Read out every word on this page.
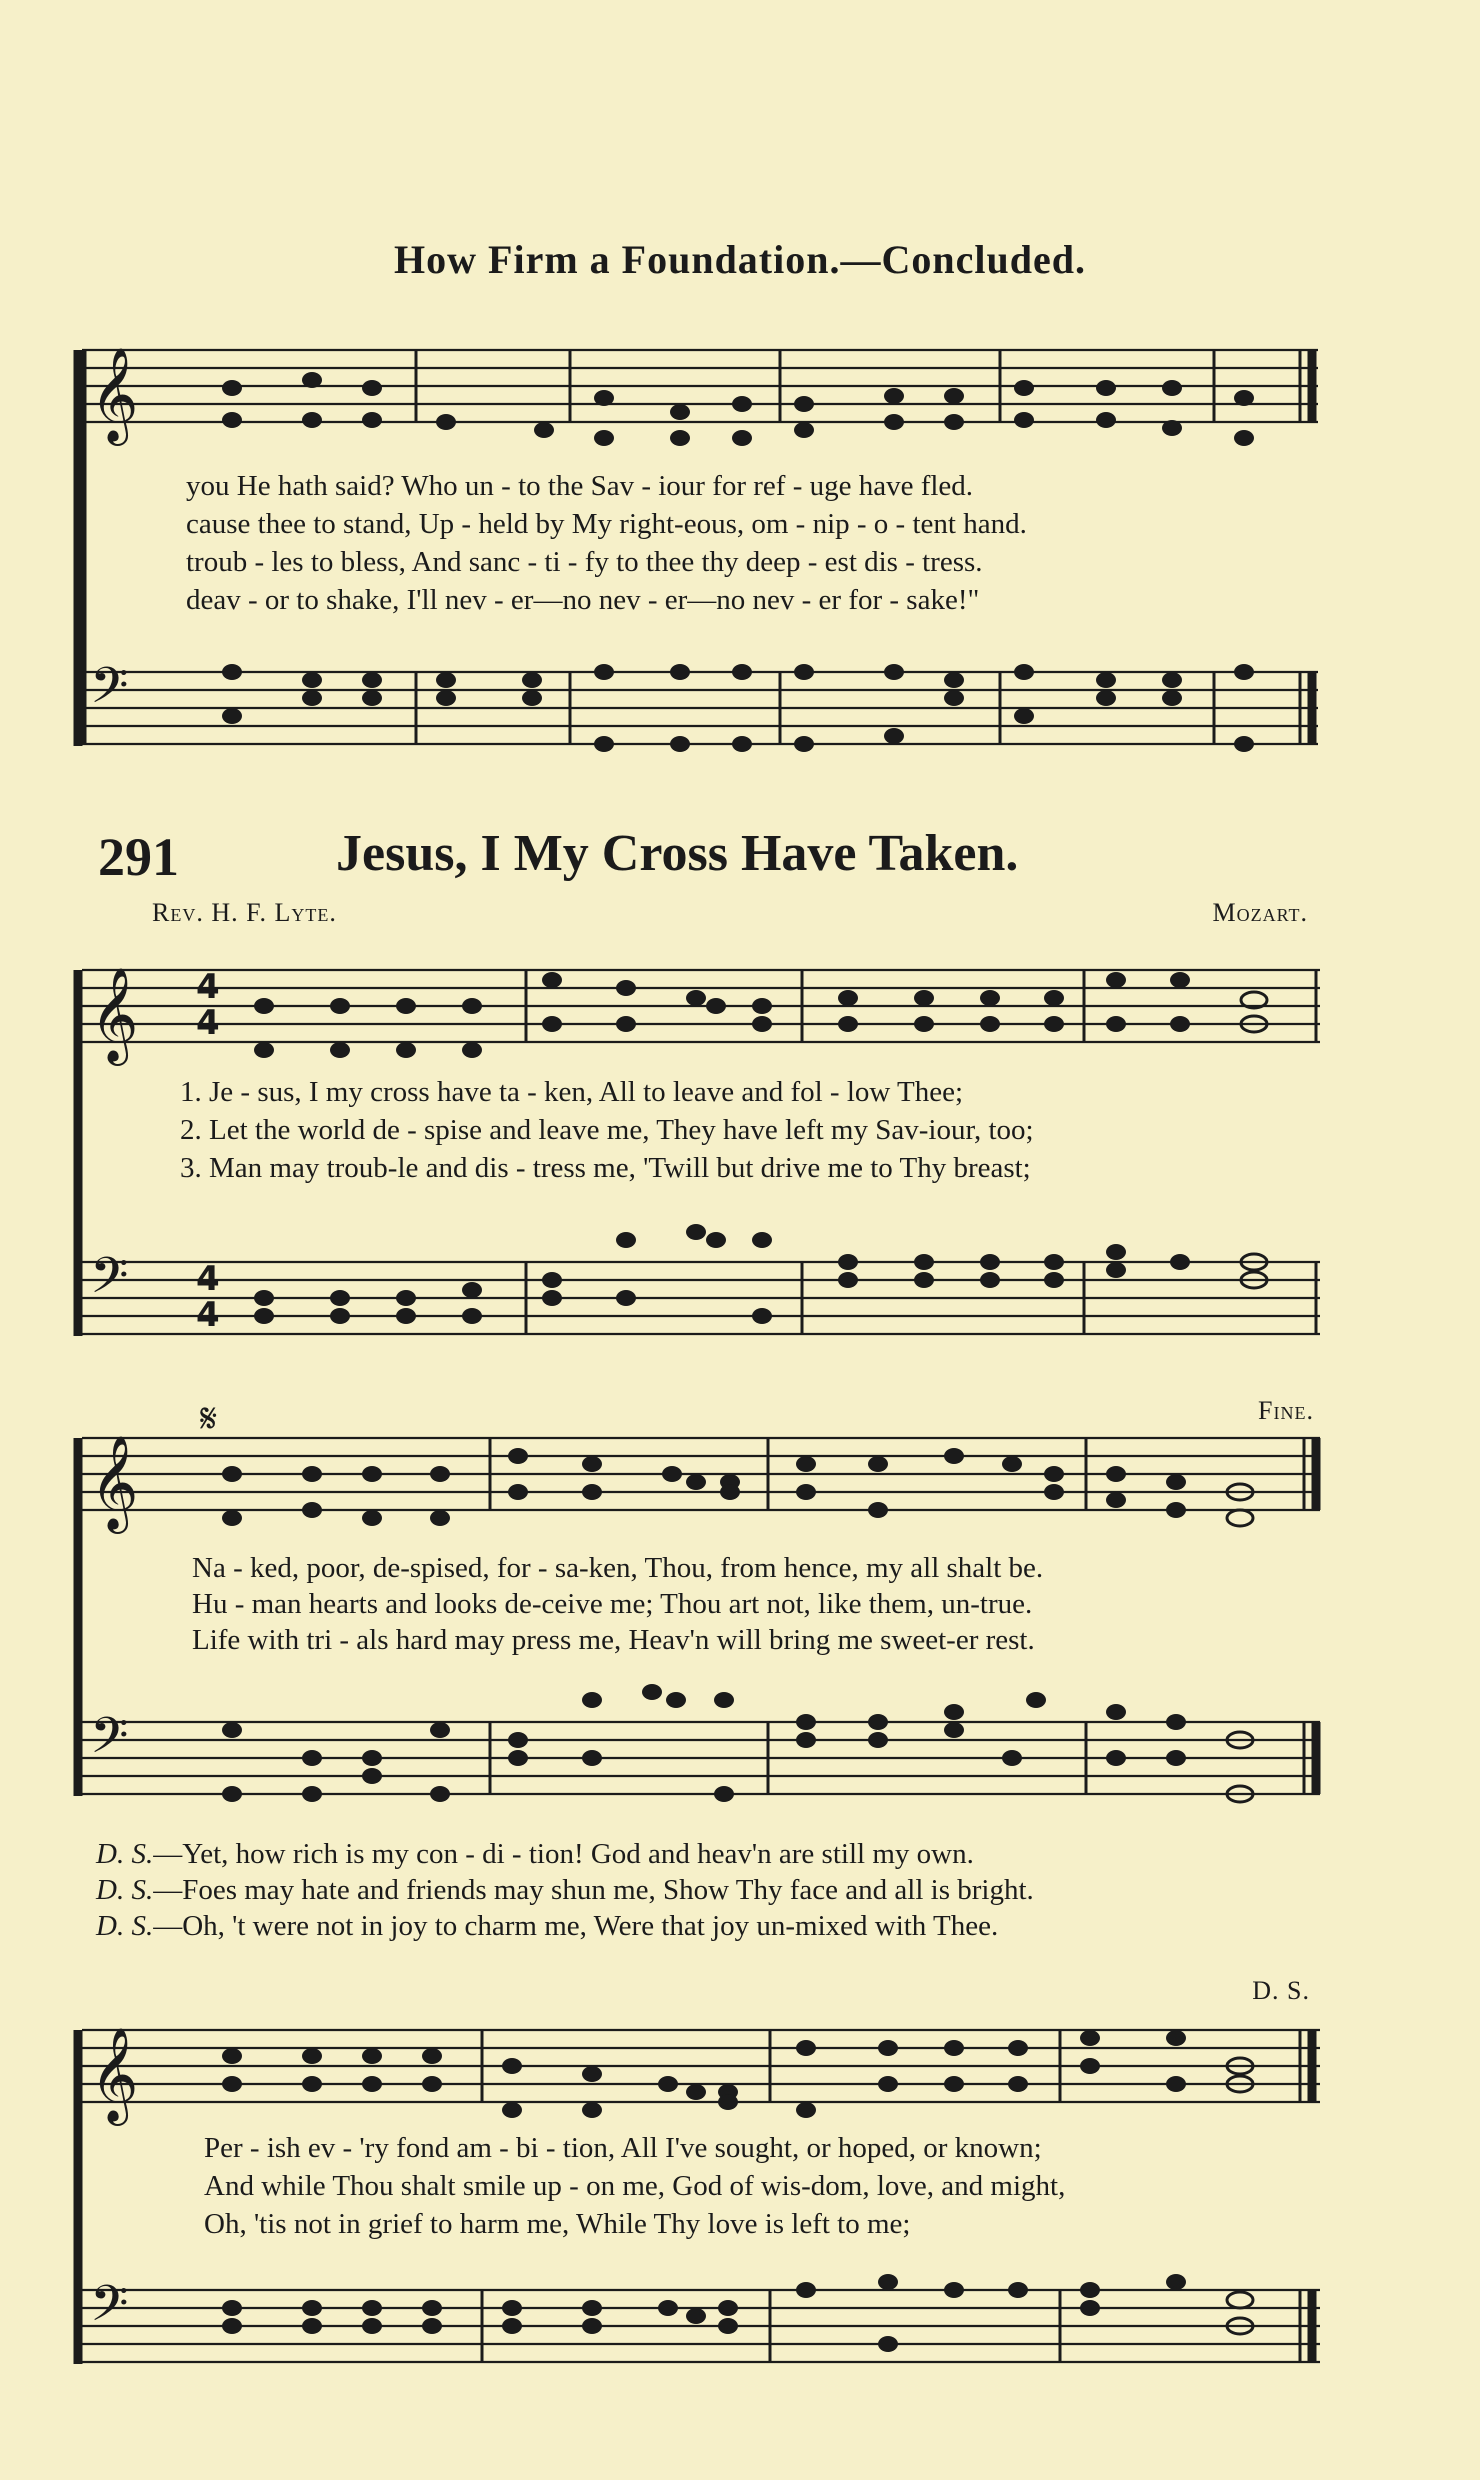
How Firm a Foundation.—Concluded.
𝄞
you He hath said? Who un - to the Sav - iour for ref - uge have fled.
cause thee to stand, Up - held by My right-eous, om - nip - o - tent hand.
troub - les to bless, And sanc - ti - fy to thee thy deep - est dis - tress.
deav - or to shake, I'll nev - er—no nev - er—no nev - er for - sake!"
𝄢
291	Jesus, I My Cross Have Taken.
Rev. H. F. Lyte.	Mozart.
𝄞 4
4
1. Je - sus, I my cross have ta - ken, All to leave and fol - low Thee;
2. Let the world de - spise and leave me, They have left my Sav-iour, too;
3. Man may troub-le and dis - tress me, 'Twill but drive me to Thy breast;
𝄢 4
4
Fine.
𝄋
𝄞
Na - ked, poor, de-spised, for - sa-ken, Thou, from hence, my all shalt be.
Hu - man hearts and looks de-ceive me; Thou art not, like them, un-true.
Life with tri - als hard may press me, Heav'n will bring me sweet-er rest.
𝄢
D. S.—Yet, how rich is my con - di - tion! God and heav'n are still my own.
D. S.—Foes may hate and friends may shun me, Show Thy face and all is bright.
D. S.—Oh, 't were not in joy to charm me, Were that joy un-mixed with Thee.
D. S.
𝄞
Per - ish ev - 'ry fond am - bi - tion, All I've sought, or hoped, or known;
And while Thou shalt smile up - on me, God of wis-dom, love, and might,
Oh, 'tis not in grief to harm me, While Thy love is left to me;
𝄢
